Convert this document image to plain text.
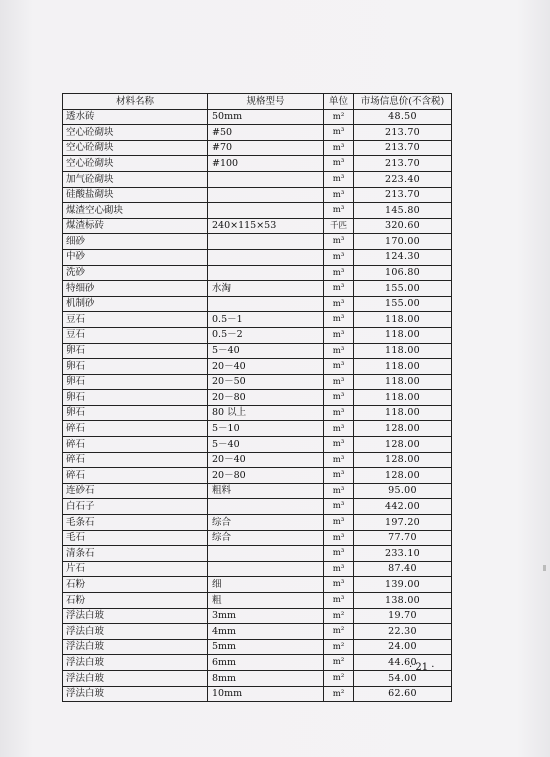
材料名称	规格型号	单位	市场信息价(不含税)
透水砖	50mm	m²	48.50
空心砼砌块	#50	m³	213.70
空心砼砌块	#70	m³	213.70
空心砼砌块	#100	m³	213.70
加气砼砌块		m³	223.40
硅酸盐砌块		m³	213.70
煤渣空心砌块		m³	145.80
煤渣标砖	240×115×53	千匹	320.60
细砂		m³	170.00
中砂		m³	124.30
洗砂		m³	106.80
特细砂	水淘	m³	155.00
机制砂		m³	155.00
豆石	0.5－1	m³	118.00
豆石	0.5－2	m³	118.00
卵石	5－40	m³	118.00
卵石	20－40	m³	118.00
卵石	20－50	m³	118.00
卵石	20－80	m³	118.00
卵石	80 以上	m³	118.00
碎石	5－10	m³	128.00
碎石	5－40	m³	128.00
碎石	20－40	m³	128.00
碎石	20－80	m³	128.00
连砂石	粗料	m³	95.00
白石子		m³	442.00
毛条石	综合	m³	197.20
毛石	综合	m³	77.70
清条石		m³	233.10
片石		m³	87.40
石粉	细	m³	139.00
石粉	粗	m³	138.00
浮法白玻	3mm	m²	19.70
浮法白玻	4mm	m²	22.30
浮法白玻	5mm	m²	24.00
浮法白玻	6mm	m²	44.60
浮法白玻	8mm	m²	54.00
浮法白玻	10mm	m²	62.60
· 21 ·
